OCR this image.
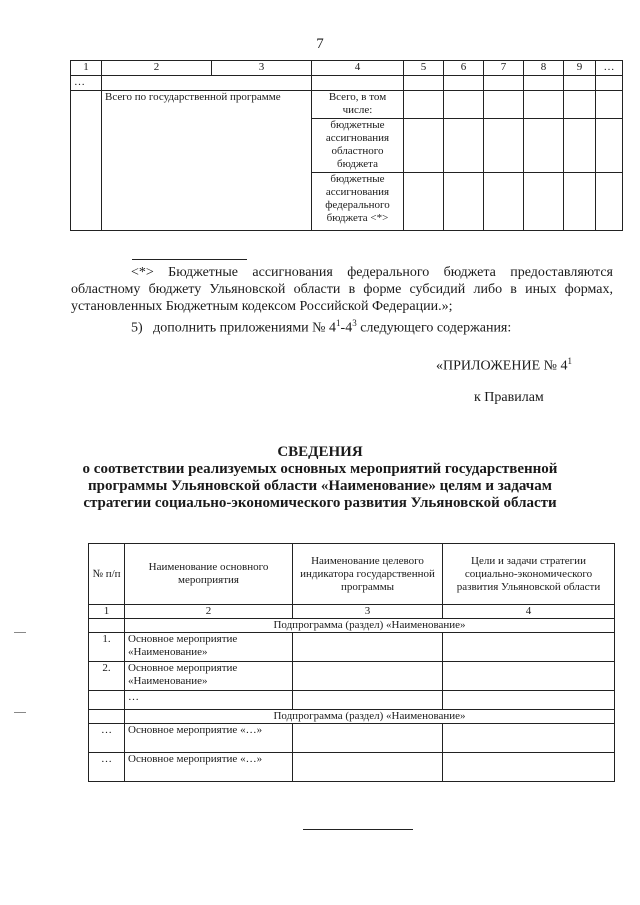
7
1	2	3	4	5	6	7	8	9	…
…									
	Всего по государственной программе		Всего, в том числе:						
			бюджетные ассигнования областного бюджета						
			бюджетные ассигнования федерального бюджета <*>						
<*> Бюджетные ассигнования федерального бюджета предоставляются областному бюджету Ульяновской области в форме субсидий либо в иных формах, установленных Бюджетным кодексом Российской Федерации.»;
5) дополнить приложениями № $4^1-4^3$ следующего содержания:
«ПРИЛОЖЕНИЕ № $4^1$
к Правилам
СВЕДЕНИЯ
о соответствии реализуемых основных мероприятий государственной программы Ульяновской области «Наименование» целям и задачам стратегии социально-экономического развития Ульяновской области
№ п/п	Наименование основного мероприятия	Наименование целевого индикатора государственной программы	Цели и задачи стратегии социально-экономического развития Ульяновской области
1	2	3	4
	Подпрограмма (раздел) «Наименование»		
1.	Основное мероприятие «Наименование»		
2.	Основное мероприятие «Наименование»		
	…		
	Подпрограмма (раздел) «Наименование»		
…	Основное мероприятие «…»		
…	Основное мероприятие «…»		
